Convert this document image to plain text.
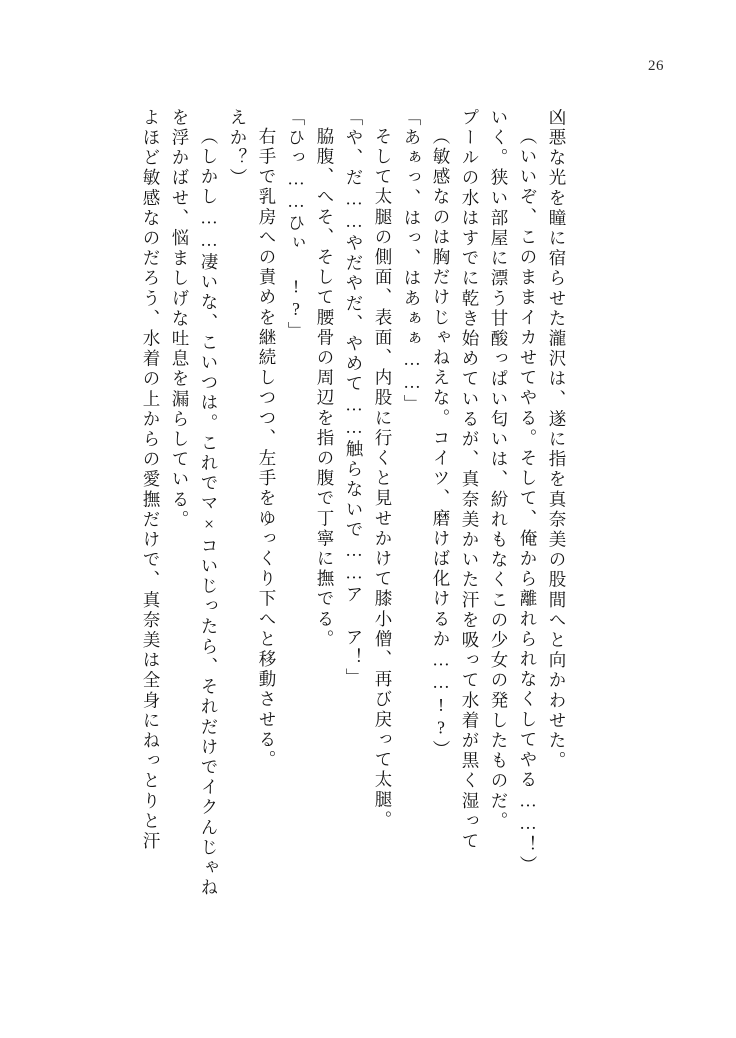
26
よほど敏感なのだろう、水着の上からの愛撫だけで、真奈美は全身にねっとりと汗 を浮かばせ、悩ましげな吐息を漏らしている。 （しかし……凄いな、こいつは。これでマ×コいじったら、それだけでイクんじゃね えか？） 右手で乳房への責めを継続しつつ、左手をゆっくり下へと移動させる。 「ひっ……ひぃ !?」 脇腹、へそ、そして腰骨の周辺を指の腹で丁寧に撫でる。 「や、だ……やだやだ、やめて……触らないで……ア ア！」 そして太腿の側面、表面、内股に行くと見せかけて膝小僧、再び戻って太腿。 「あぁっ、はっ、はあぁぁ……」 （敏感なのは胸だけじゃねえな。コイツ、磨けば化けるか……!?） プールの水はすでに乾き始めているが、真奈美かいた汗を吸って水着が黒く湿って いく。狭い部屋に漂う甘酸っぱい匂いは、紛れもなくこの少女の発したものだ。 （いいぞ、このままイカせてやる。そして、俺から離れられなくしてやる……！） 凶悪な光を瞳に宿らせた瀧沢は、遂に指を真奈美の股間へと向かわせた。
